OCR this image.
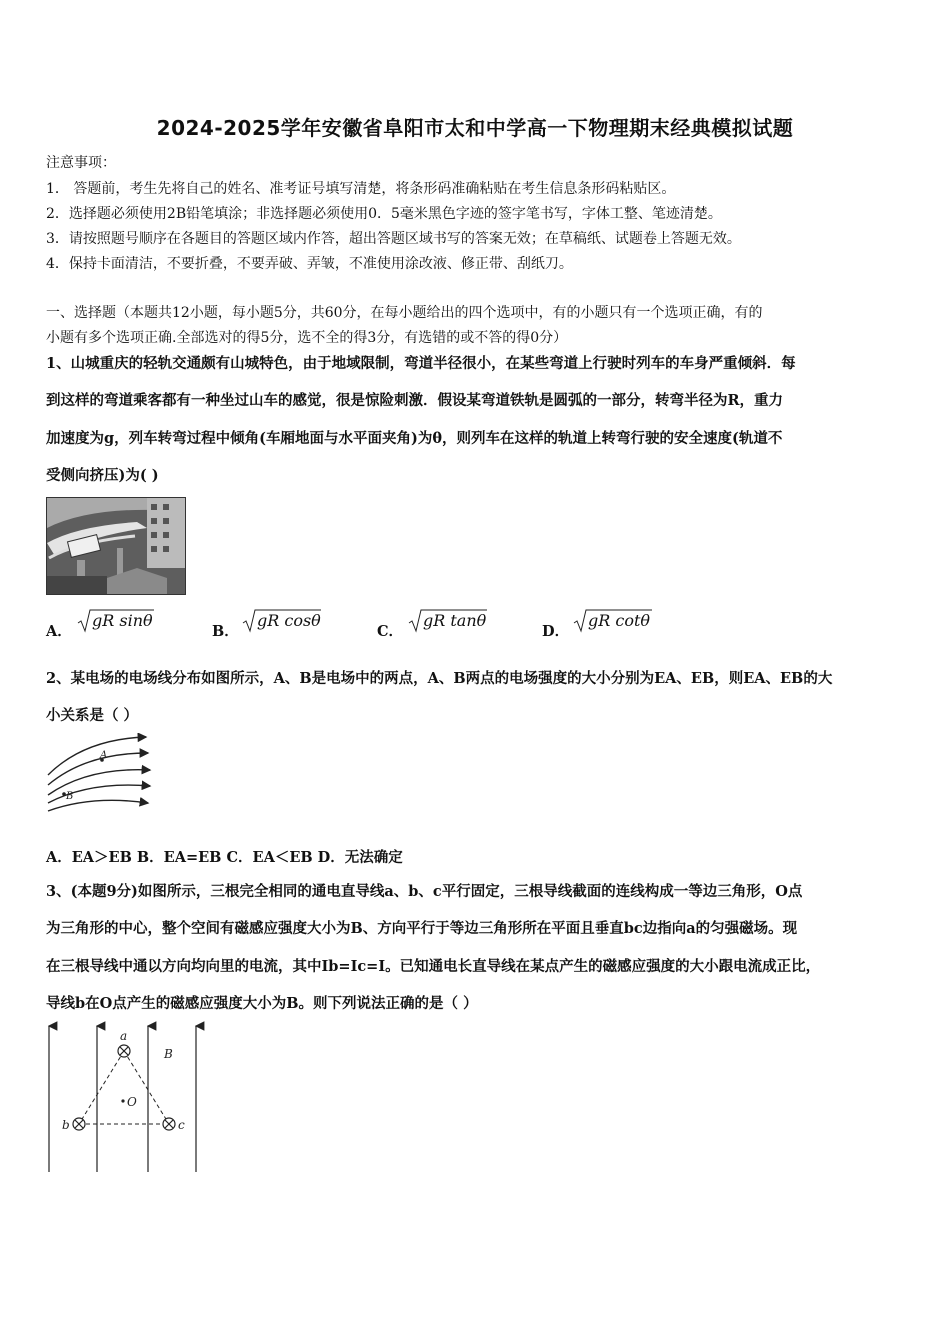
2024-2025学年安徽省阜阳市太和中学高一下物理期末经典模拟试题
注意事项：
1． 答题前，考生先将自己的姓名、准考证号填写清楚，将条形码准确粘贴在考生信息条形码粘贴区。
2．选择题必须使用2B铅笔填涂；非选择题必须使用0．5毫米黑色字迹的签字笔书写，字体工整、笔迹清楚。
3．请按照题号顺序在各题目的答题区域内作答，超出答题区域书写的答案无效；在草稿纸、试题卷上答题无效。
4．保持卡面清洁，不要折叠，不要弄破、弄皱，不准使用涂改液、修正带、刮纸刀。
一、选择题（本题共12小题，每小题5分，共60分，在每小题给出的四个选项中，有的小题只有一个选项正确，有的
小题有多个选项正确.全部选对的得5分，选不全的得3分，有选错的或不答的得0分）
1、山城重庆的轻轨交通颇有山城特色，由于地域限制，弯道半径很小，在某些弯道上行驶时列车的车身严重倾斜．每
到这样的弯道乘客都有一种坐过山车的感觉，很是惊险刺激．假设某弯道铁轨是圆弧的一部分，转弯半径为R，重力
加速度为g，列车转弯过程中倾角(车厢地面与水平面夹角)为θ，则列车在这样的轨道上转弯行驶的安全速度(轨道不
受侧向挤压)为( )
A．
gR sinθ
B．
gR cosθ
C．
gR tanθ
D．
gR cotθ
2、某电场的电场线分布如图所示，A、B是电场中的两点，A、B两点的电场强度的大小分别为EA、EB，则EA、EB的大
小关系是（ ）
A
B
A．EA＞EB B．EA=EB C．EA＜EB D．无法确定
3、(本题9分)如图所示，三根完全相同的通电直导线a、b、c平行固定，三根导线截面的连线构成一等边三角形，O点
为三角形的中心，整个空间有磁感应强度大小为B、方向平行于等边三角形所在平面且垂直bc边指向a的匀强磁场。现
在三根导线中通以方向均向里的电流，其中Ib=Ic=I。已知通电长直导线在某点产生的磁感应强度的大小跟电流成正比，
导线b在O点产生的磁感应强度大小为B。则下列说法正确的是（ ）
a
b	c
O
B
